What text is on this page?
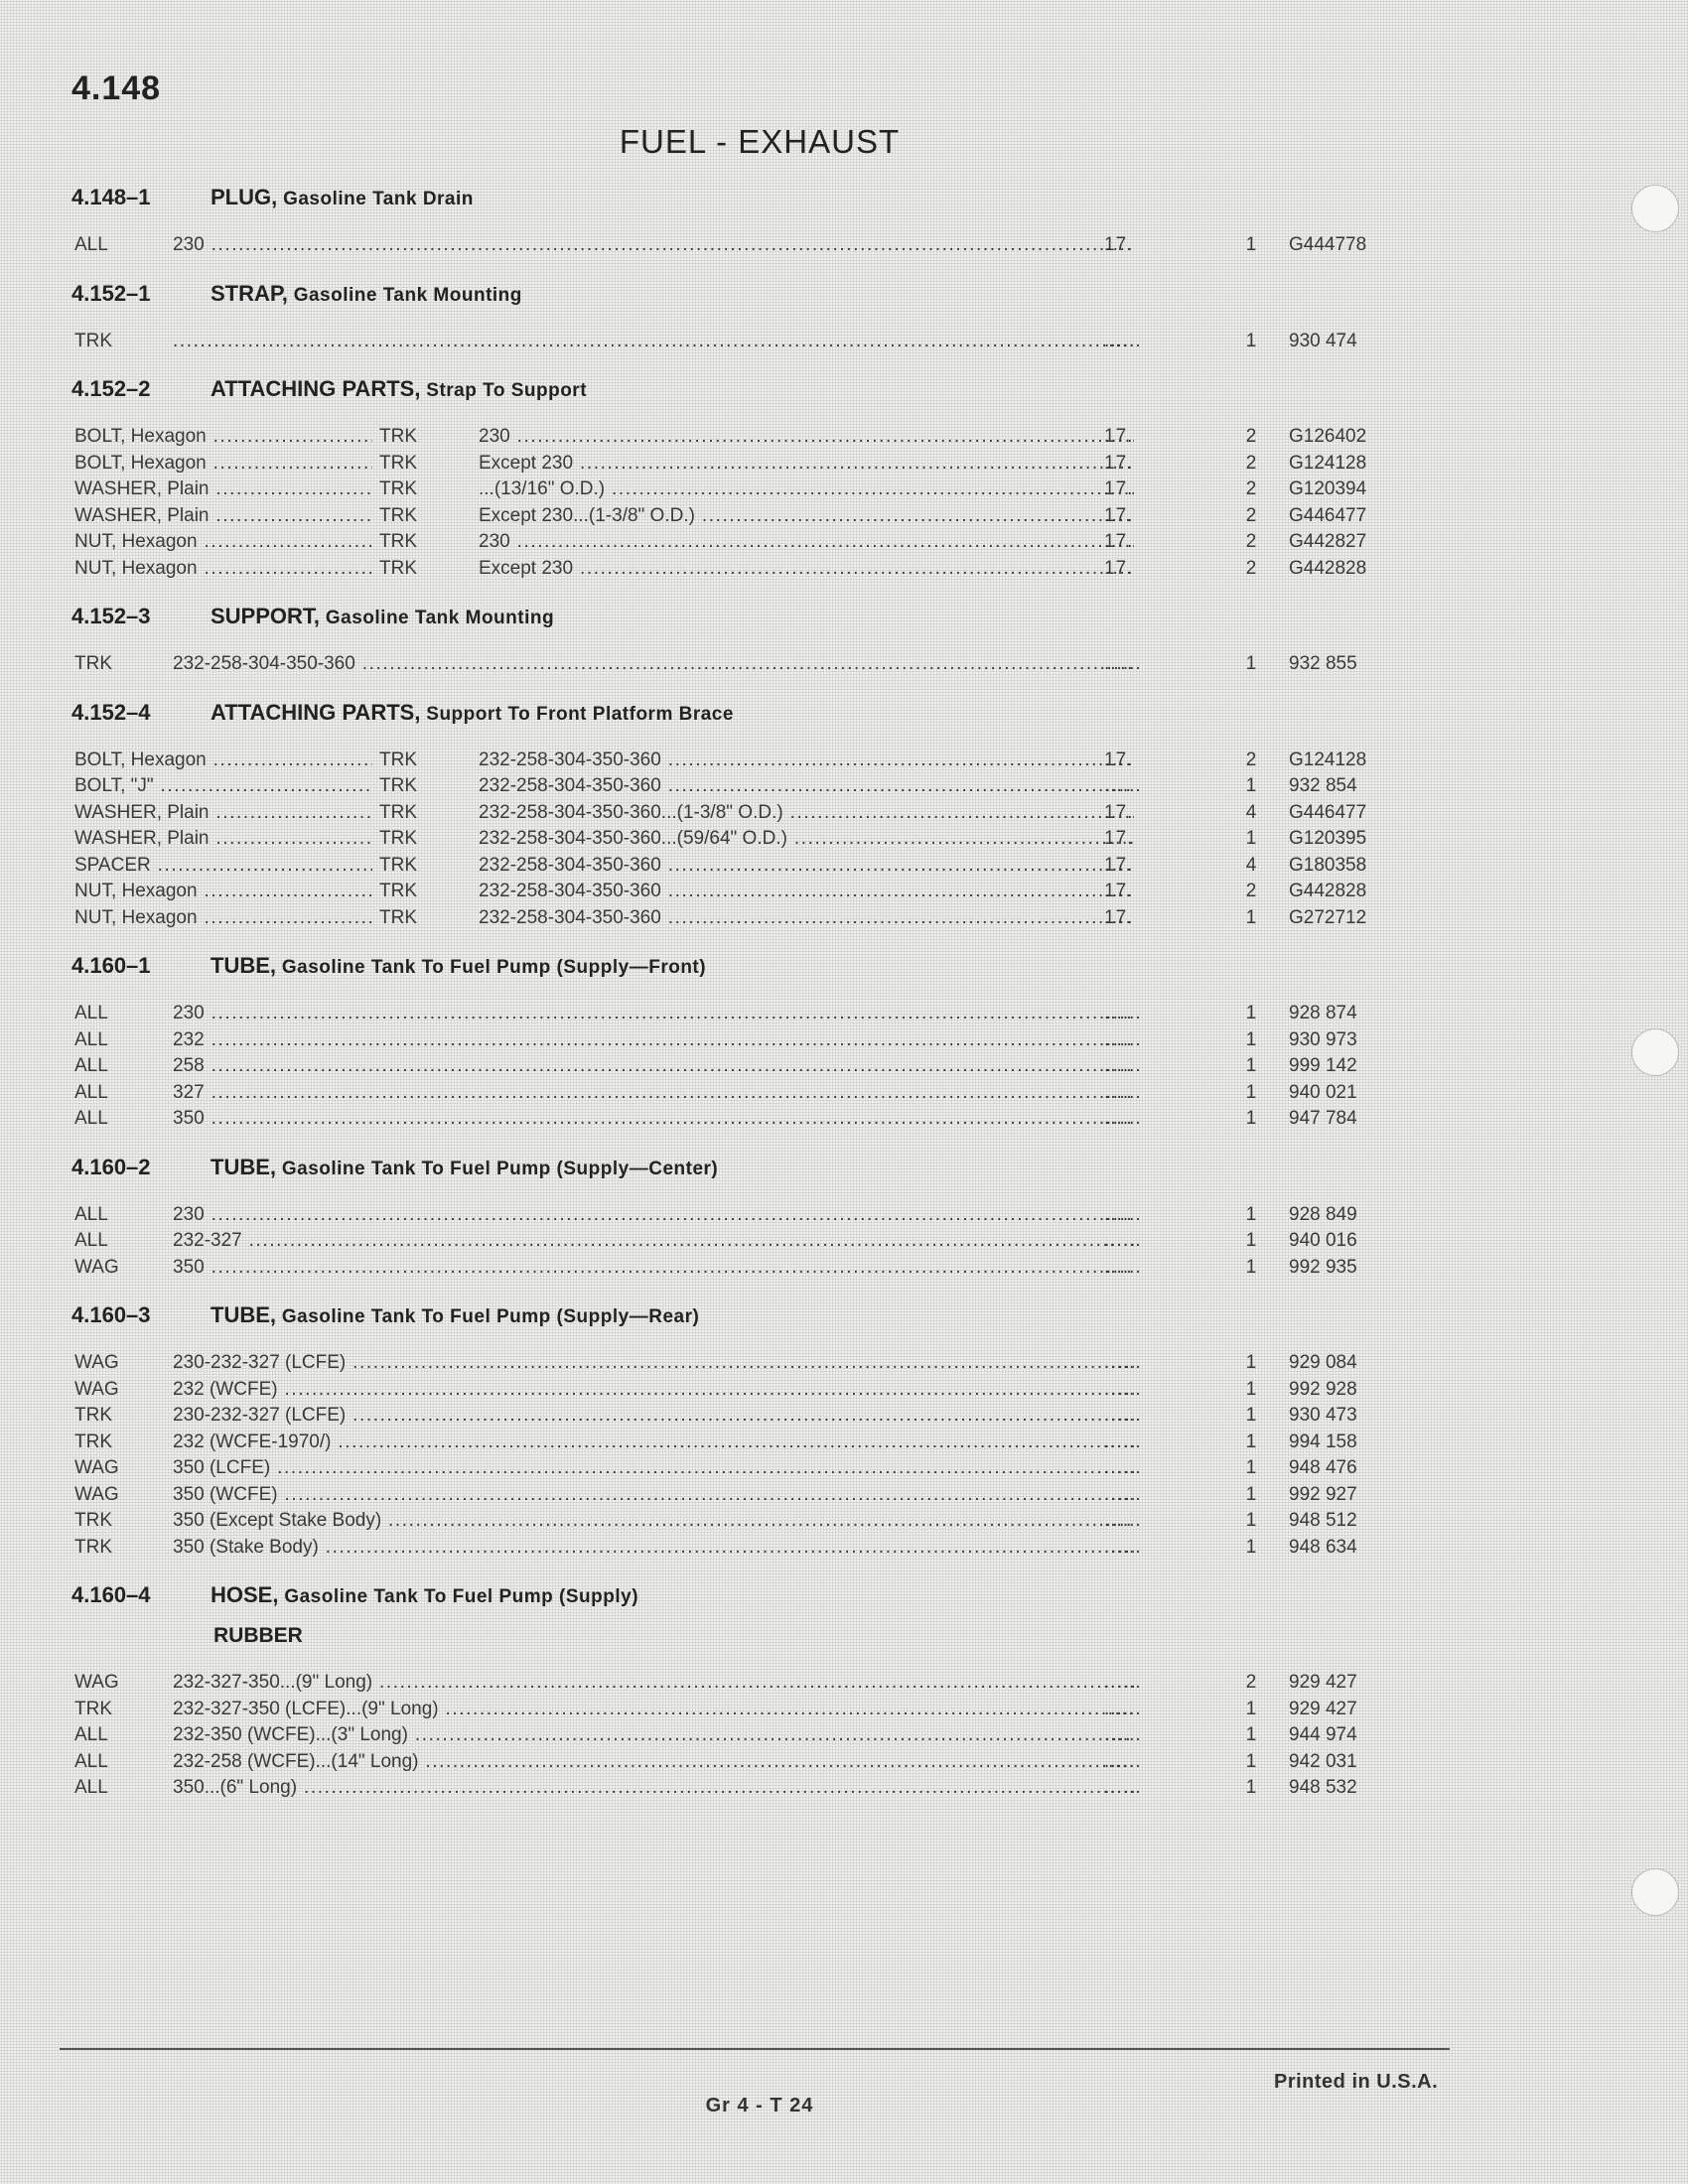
4.148
FUEL - EXHAUST
4.148–1	PLUG, Gasoline Tank Drain
ALL	230 .....	17.	1	G444778
4.152–1	STRAP, Gasoline Tank Mounting
TRK
.....	......	1	930 474
4.152–2	ATTACHING PARTS, Strap To Support
BOLT, Hexagon .....	TRK	230 .....	17.	2	G126402
BOLT, Hexagon .....	TRK	Except 230 .....	17.	2	G124128
WASHER, Plain .....	TRK	...(13/16" O.D.) .....	17.	2	G120394
WASHER, Plain .....	TRK	Except 230...(1-3/8" O.D.) .....	17.	2	G446477
NUT, Hexagon .....	TRK	230 .....	17.	2	G442827
NUT, Hexagon .....	TRK	Except 230 .....	17.	2	G442828
4.152–3	SUPPORT, Gasoline Tank Mounting
TRK	232-258-304-350-360 .....	......	1	932 855
4.152–4	ATTACHING PARTS, Support To Front Platform Brace
BOLT, Hexagon .....	TRK	232-258-304-350-360 .....	17.	2	G124128
BOLT, "J" .....	TRK	232-258-304-350-360 .....	......	1	932 854
WASHER, Plain .....	TRK	232-258-304-350-360...(1-3/8" O.D.) .....	17.	4	G446477
WASHER, Plain .....	TRK	232-258-304-350-360...(59/64" O.D.) .....	17.	1	G120395
SPACER .....	TRK	232-258-304-350-360 .....	17.	4	G180358
NUT, Hexagon .....	TRK	232-258-304-350-360 .....	17.	2	G442828
NUT, Hexagon .....	TRK	232-258-304-350-360 .....	17.	1	G272712
4.160–1	TUBE, Gasoline Tank To Fuel Pump (Supply—Front)
ALL	230 .....	......	1	928 874
ALL	232 .....	......	1	930 973
ALL	258 .....	......	1	999 142
ALL	327 .....	......	1	940 021
ALL	350 .....	......	1	947 784
4.160–2	TUBE, Gasoline Tank To Fuel Pump (Supply—Center)
ALL	230 .....	......	1	928 849
ALL	232-327 .....	......	1	940 016
WAG	350 .....	......	1	992 935
4.160–3	TUBE, Gasoline Tank To Fuel Pump (Supply—Rear)
WAG	230-232-327 (LCFE) .....	......	1	929 084
WAG	232 (WCFE) .....	......	1	992 928
TRK	230-232-327 (LCFE) .....	......	1	930 473
TRK	232 (WCFE-1970/) .....	......	1	994 158
WAG	350 (LCFE) .....	......	1	948 476
WAG	350 (WCFE) .....	......	1	992 927
TRK	350 (Except Stake Body) .....	......	1	948 512
TRK	350 (Stake Body) .....	......	1	948 634
4.160–4	HOSE, Gasoline Tank To Fuel Pump (Supply)
RUBBER
WAG	232-327-350...(9" Long) .....	......	2	929 427
TRK	232-327-350 (LCFE)...(9" Long) .....	......	1	929 427
ALL	232-350 (WCFE)...(3" Long) .....	......	1	944 974
ALL	232-258 (WCFE)...(14" Long) .....	......	1	942 031
ALL	350...(6" Long) .....	......	1	948 532
Printed in U.S.A.
Gr 4 - T 24
